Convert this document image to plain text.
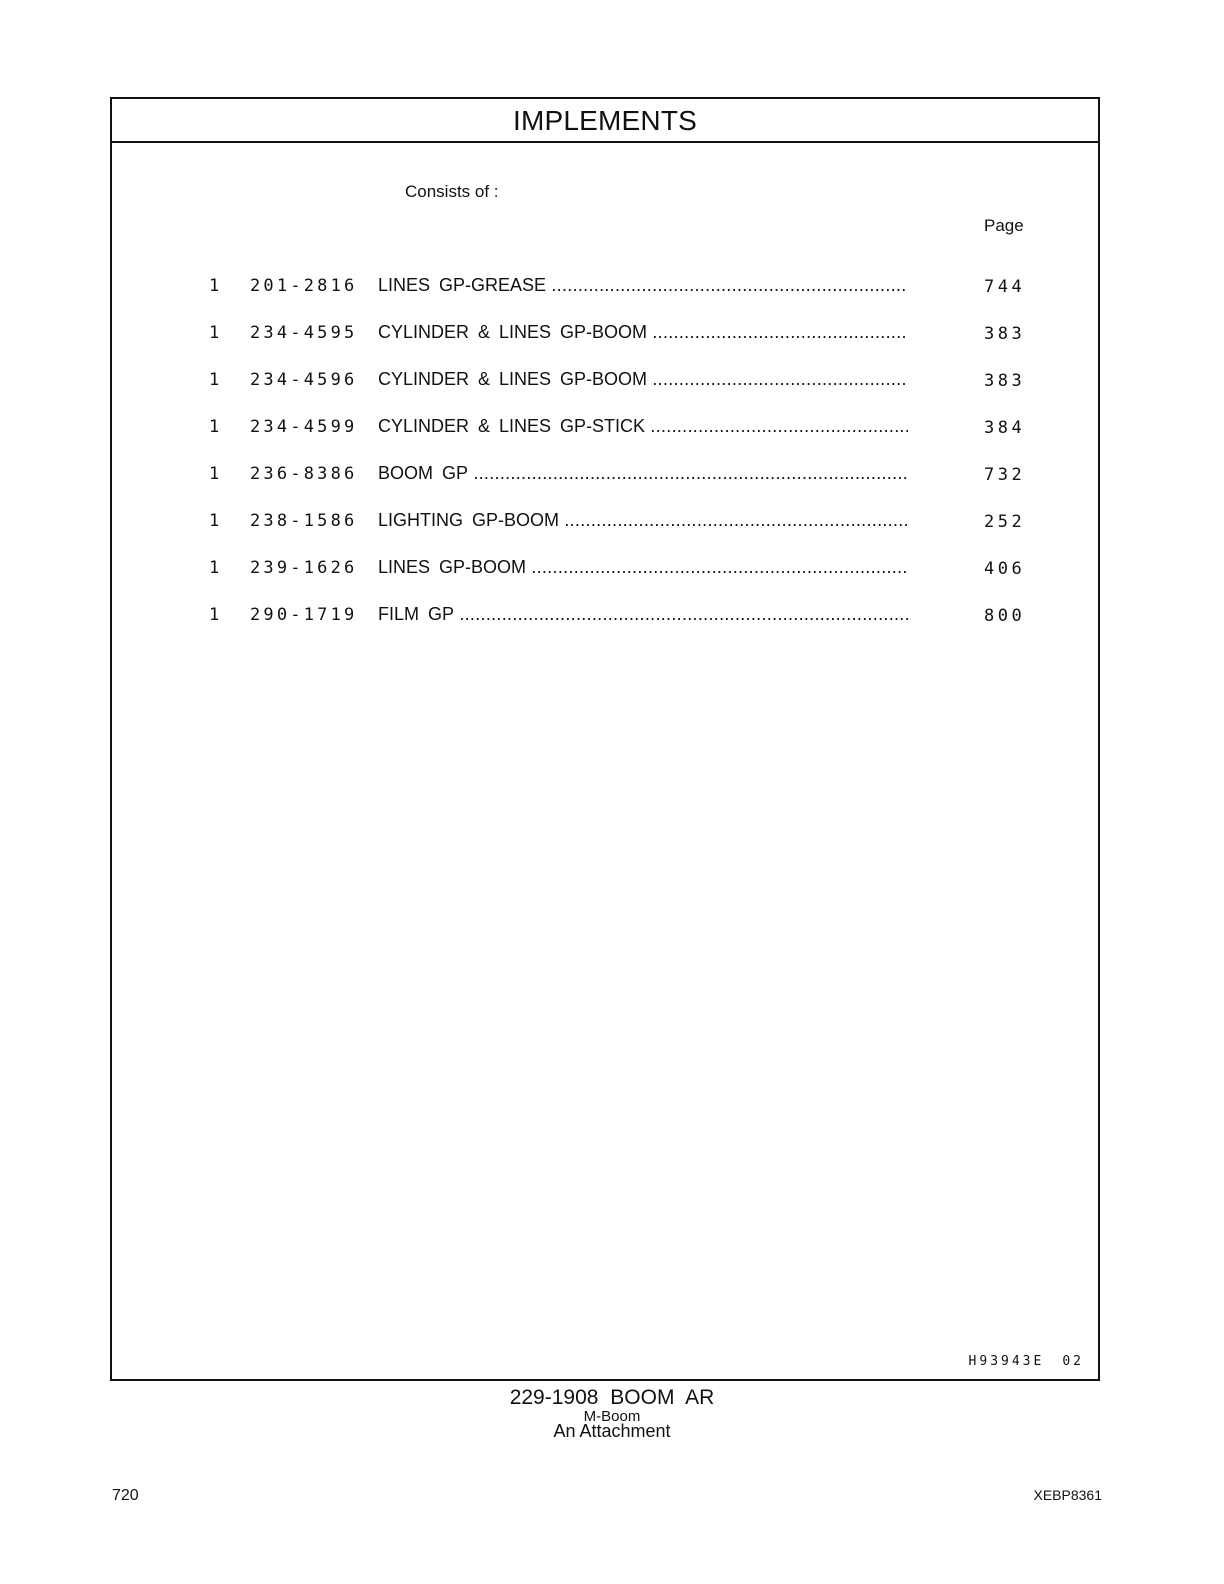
IMPLEMENTS
Consists of :
Page
1 201-2816 LINES GP-GREASE .....	744
1 234-4595 CYLINDER & LINES GP-BOOM .....	383
1 234-4596 CYLINDER & LINES GP-BOOM .....	383
1 234-4599 CYLINDER & LINES GP-STICK .....	384
1 236-8386 BOOM GP .....	732
1 238-1586 LIGHTING GP-BOOM .....	252
1 239-1626 LINES GP-BOOM .....	406
1 290-1719 FILM GP .....	800
H93943E 02
229-1908 BOOM AR
M-Boom
An Attachment
720	XEBP8361
